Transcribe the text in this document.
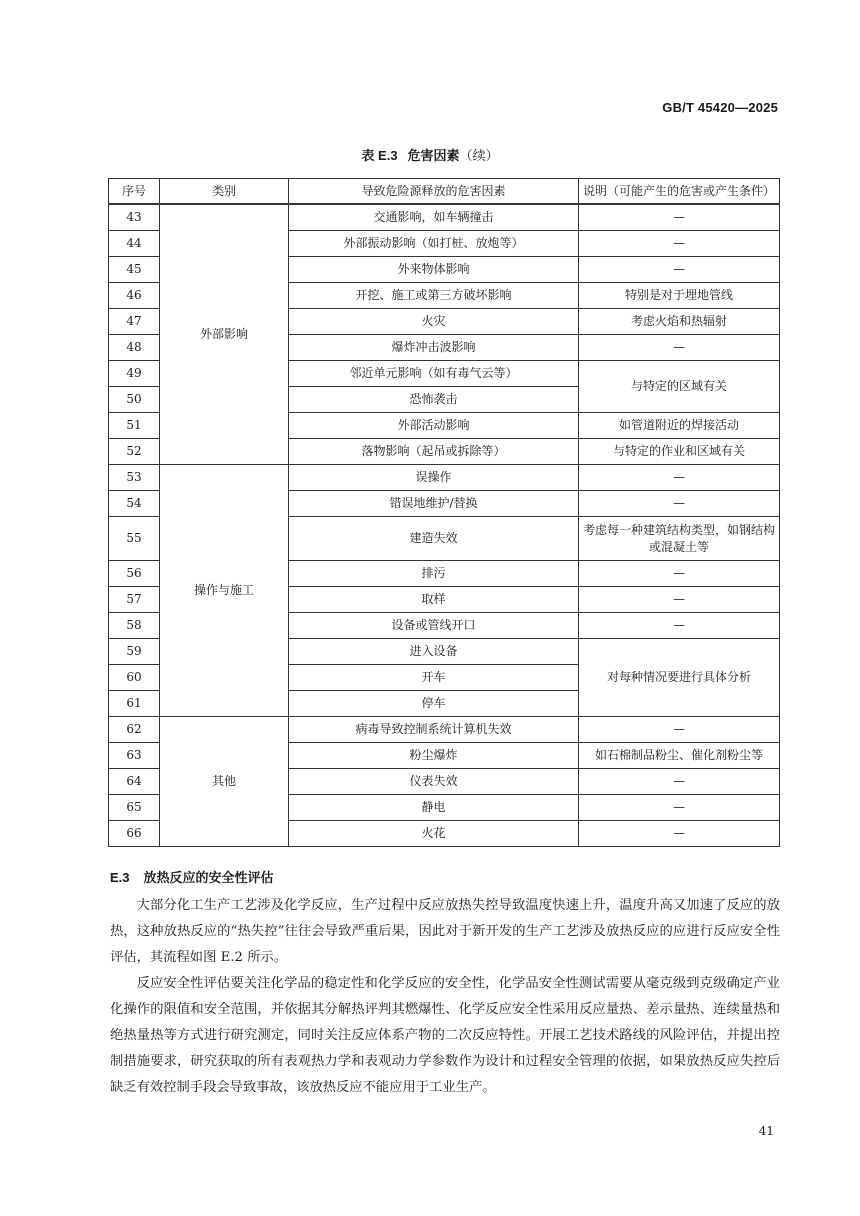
GB/T 45420—2025
表 E.3 危害因素（续）
序号	类别	导致危险源释放的危害因素	说明（可能产生的危害或产生条件）
43	外部影响	交通影响，如车辆撞击	—
44		外部振动影响（如打桩、放炮等）	—
45		外来物体影响	—
46		开挖、施工或第三方破坏影响	特别是对于埋地管线
47		火灾	考虑火焰和热辐射
48		爆炸冲击波影响	—
49		邻近单元影响（如有毒气云等）	与特定的区域有关
50		恐怖袭击	
51		外部活动影响	如管道附近的焊接活动
52		落物影响（起吊或拆除等）	与特定的作业和区域有关
53	操作与施工	误操作	—
54		错误地维护/替换	—
55		建造失效	考虑每一种建筑结构类型，如钢结构或混凝土等
56		排污	—
57		取样	—
58		设备或管线开口	—
59		进入设备	对每种情况要进行具体分析
60		开车	
61		停车	
62	其他	病毒导致控制系统计算机失效	—
63		粉尘爆炸	如石棉制品粉尘、催化剂粉尘等
64		仪表失效	—
65		静电	—
66		火花	—
E.3 放热反应的安全性评估

大部分化工生产工艺涉及化学反应，生产过程中反应放热失控导致温度快速上升，温度升高又加速了反应的放热，这种放热反应的“热失控”往往会导致严重后果，因此对于新开发的生产工艺涉及放热反应的应进行反应安全性评估，其流程如图 E.2 所示。

反应安全性评估要关注化学品的稳定性和化学反应的安全性，化学品安全性测试需要从毫克级到克级确定产业化操作的限值和安全范围，并依据其分解热评判其燃爆性、化学反应安全性采用反应量热、差示量热、连续量热和绝热量热等方式进行研究测定，同时关注反应体系产物的二次反应特性。开展工艺技术路线的风险评估，并提出控制措施要求，研究获取的所有表观热力学和表观动力学参数作为设计和过程安全管理的依据，如果放热反应失控后缺乏有效控制手段会导致事故，该放热反应不能应用于工业生产。

41
